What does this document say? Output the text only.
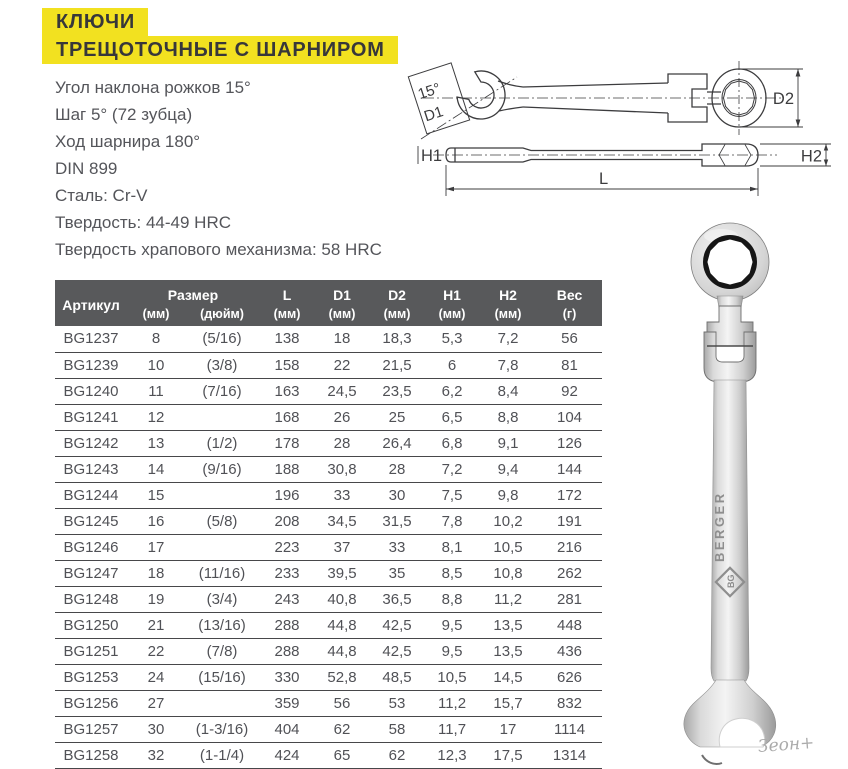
КЛЮЧИ
ТРЕЩОТОЧНЫЕ С ШАРНИРОМ
Угол наклона рожков 15°
Шаг 5° (72 зубца)
Ход шарнира 180°
DIN 899
Сталь: Cr-V
Твердость: 44-49 HRC
Твердость храпового механизма: 58 HRC
15°
D1
D2
H1	H2
L
Артикул	Размер		L	D1	D2	H1	H2	Вес
	(мм)	(дюйм)	(мм)	(мм)	(мм)	(мм)	(мм)	(г)
BG1237	8	(5/16)	138	18	18,3	5,3	7,2	56
BG1239	10	(3/8)	158	22	21,5	6	7,8	81
BG1240	11	(7/16)	163	24,5	23,5	6,2	8,4	92
BG1241	12		168	26	25	6,5	8,8	104
BG1242	13	(1/2)	178	28	26,4	6,8	9,1	126
BG1243	14	(9/16)	188	30,8	28	7,2	9,4	144
BG1244	15		196	33	30	7,5	9,8	172
BG1245	16	(5/8)	208	34,5	31,5	7,8	10,2	191
BG1246	17		223	37	33	8,1	10,5	216
BG1247	18	(11/16)	233	39,5	35	8,5	10,8	262
BG1248	19	(3/4)	243	40,8	36,5	8,8	11,2	281
BG1250	21	(13/16)	288	44,8	42,5	9,5	13,5	448
BG1251	22	(7/8)	288	44,8	42,5	9,5	13,5	436
BG1253	24	(15/16)	330	52,8	48,5	10,5	14,5	626
BG1256	27		359	56	53	11,2	15,7	832
BG1257	30	(1-3/16)	404	62	58	11,7	17	1114
BG1258	32	(1-1/4)	424	65	62	12,3	17,5	1314
BERGER
BG
Зеон+
